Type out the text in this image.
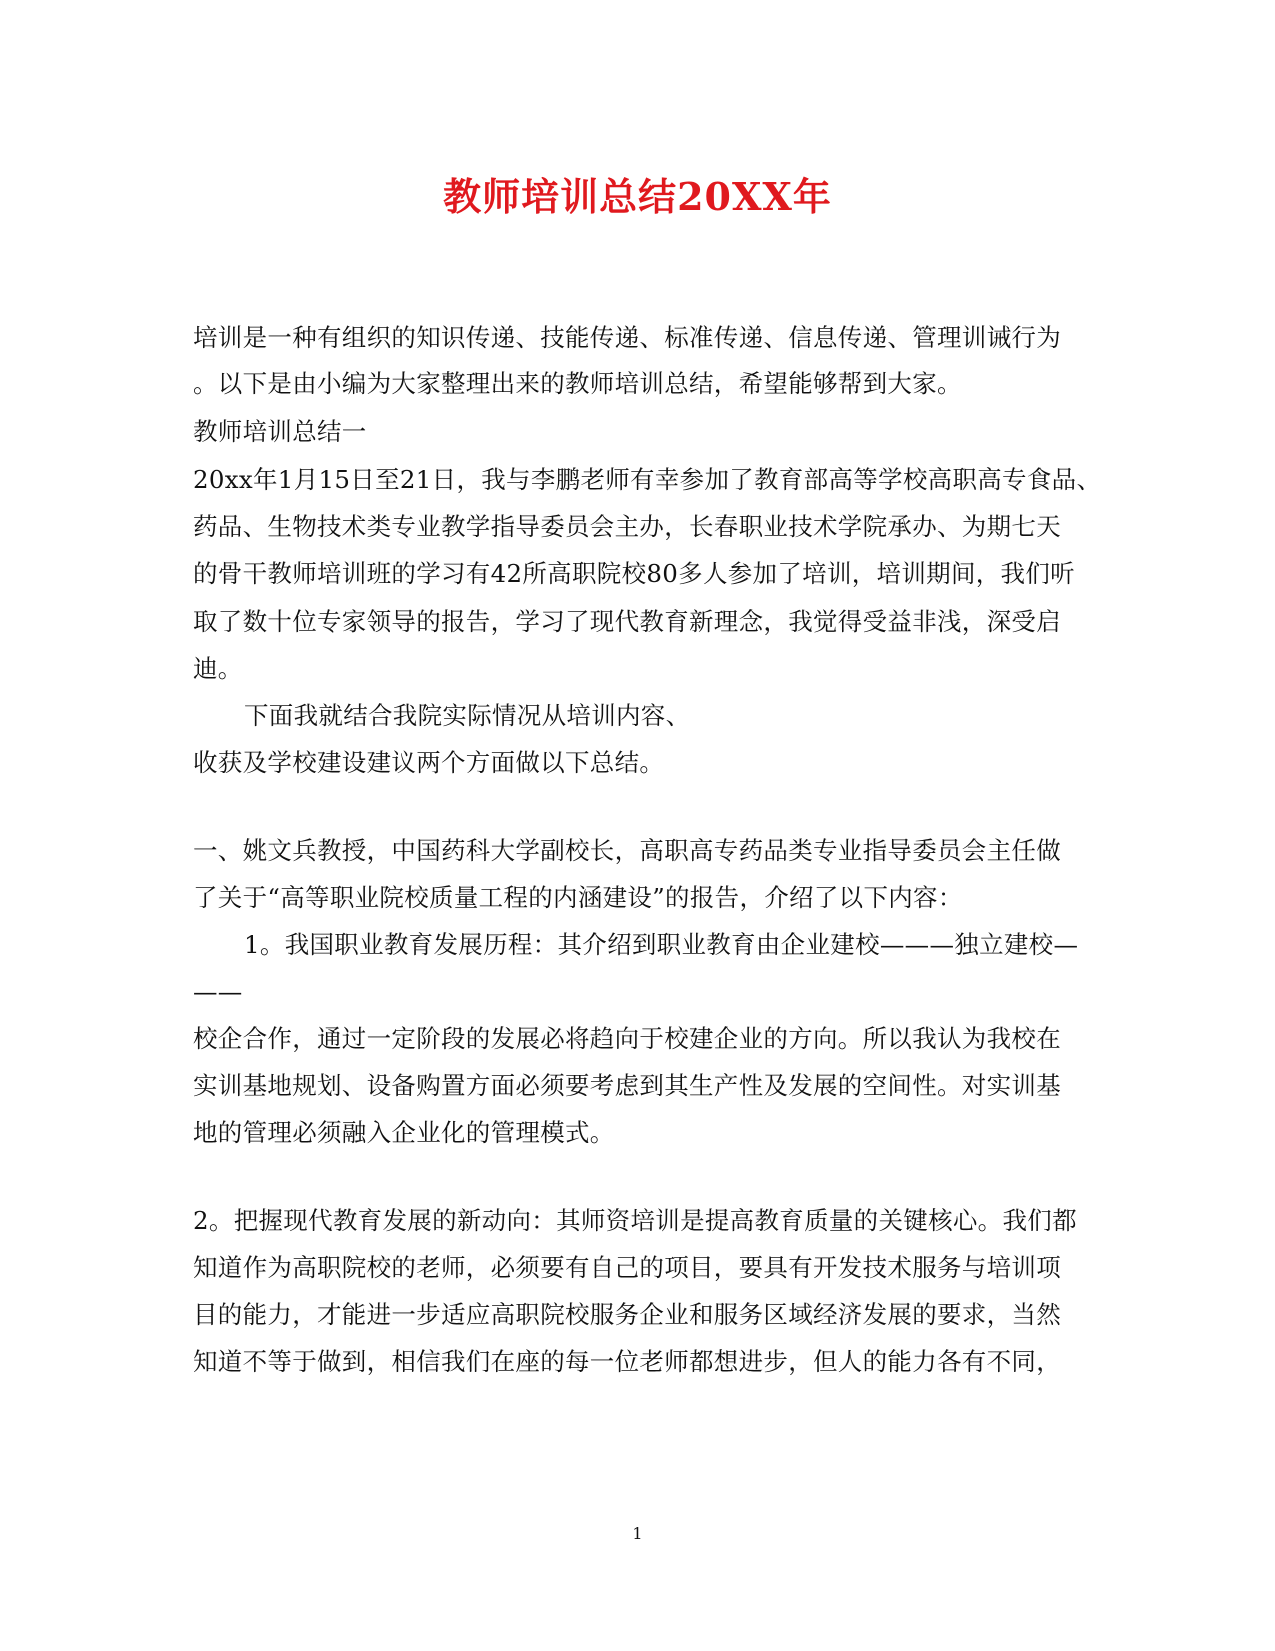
教师培训总结20XX年
培训是一种有组织的知识传递、技能传递、标准传递、信息传递、管理训诫行为
。以下是由小编为大家整理出来的教师培训总结，希望能够帮到大家。
教师培训总结一
20xx年1月15日至21日，我与李鹏老师有幸参加了教育部高等学校高职高专食品、
药品、生物技术类专业教学指导委员会主办，长春职业技术学院承办、为期七天
的骨干教师培训班的学习有42所高职院校80多人参加了培训，培训期间，我们听
取了数十位专家领导的报告，学习了现代教育新理念，我觉得受益非浅，深受启
迪。
下面我就结合我院实际情况从培训内容、
收获及学校建设建议两个方面做以下总结。
一、姚文兵教授，中国药科大学副校长，高职高专药品类专业指导委员会主任做
了关于“高等职业院校质量工程的内涵建设”的报告，介绍了以下内容：
1。我国职业教育发展历程：其介绍到职业教育由企业建校———独立建校—
——
校企合作，通过一定阶段的发展必将趋向于校建企业的方向。所以我认为我校在
实训基地规划、设备购置方面必须要考虑到其生产性及发展的空间性。对实训基
地的管理必须融入企业化的管理模式。
2。把握现代教育发展的新动向：其师资培训是提高教育质量的关键核心。我们都
知道作为高职院校的老师，必须要有自己的项目，要具有开发技术服务与培训项
目的能力，才能进一步适应高职院校服务企业和服务区域经济发展的要求，当然
知道不等于做到，相信我们在座的每一位老师都想进步，但人的能力各有不同，
1
